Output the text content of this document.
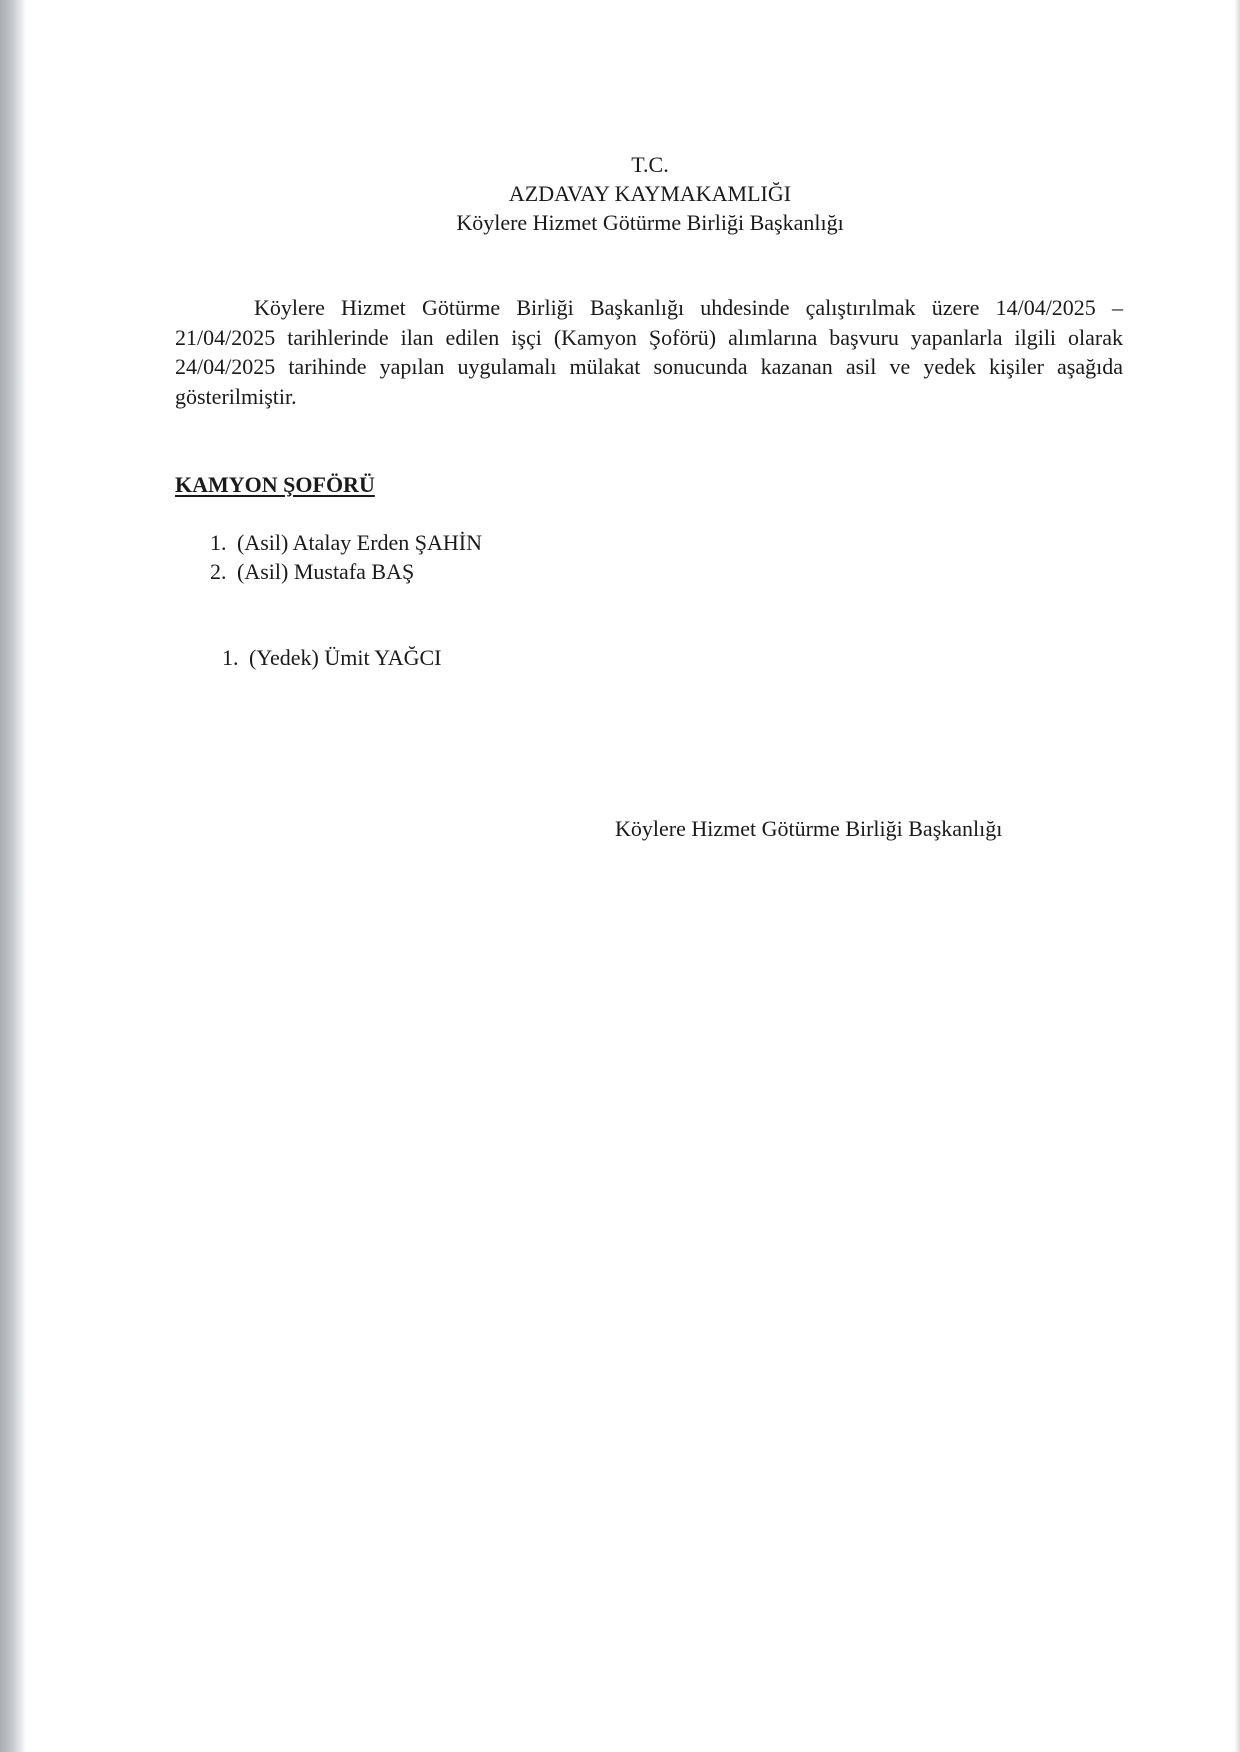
T.C.
AZDAVAY KAYMAKAMLIĞI
Köylere Hizmet Götürme Birliği Başkanlığı
Köylere Hizmet Götürme Birliği Başkanlığı uhdesinde çalıştırılmak üzere 14/04/2025 – 21/04/2025 tarihlerinde ilan edilen işçi (Kamyon Şoförü) alımlarına başvuru yapanlarla ilgili olarak 24/04/2025 tarihinde yapılan uygulamalı mülakat sonucunda kazanan asil ve yedek kişiler aşağıda gösterilmiştir.
KAMYON ŞOFÖRÜ
1. (Asil) Atalay Erden ŞAHİN
2. (Asil) Mustafa BAŞ
1. (Yedek) Ümit YAĞCI
Köylere Hizmet Götürme Birliği Başkanlığı
